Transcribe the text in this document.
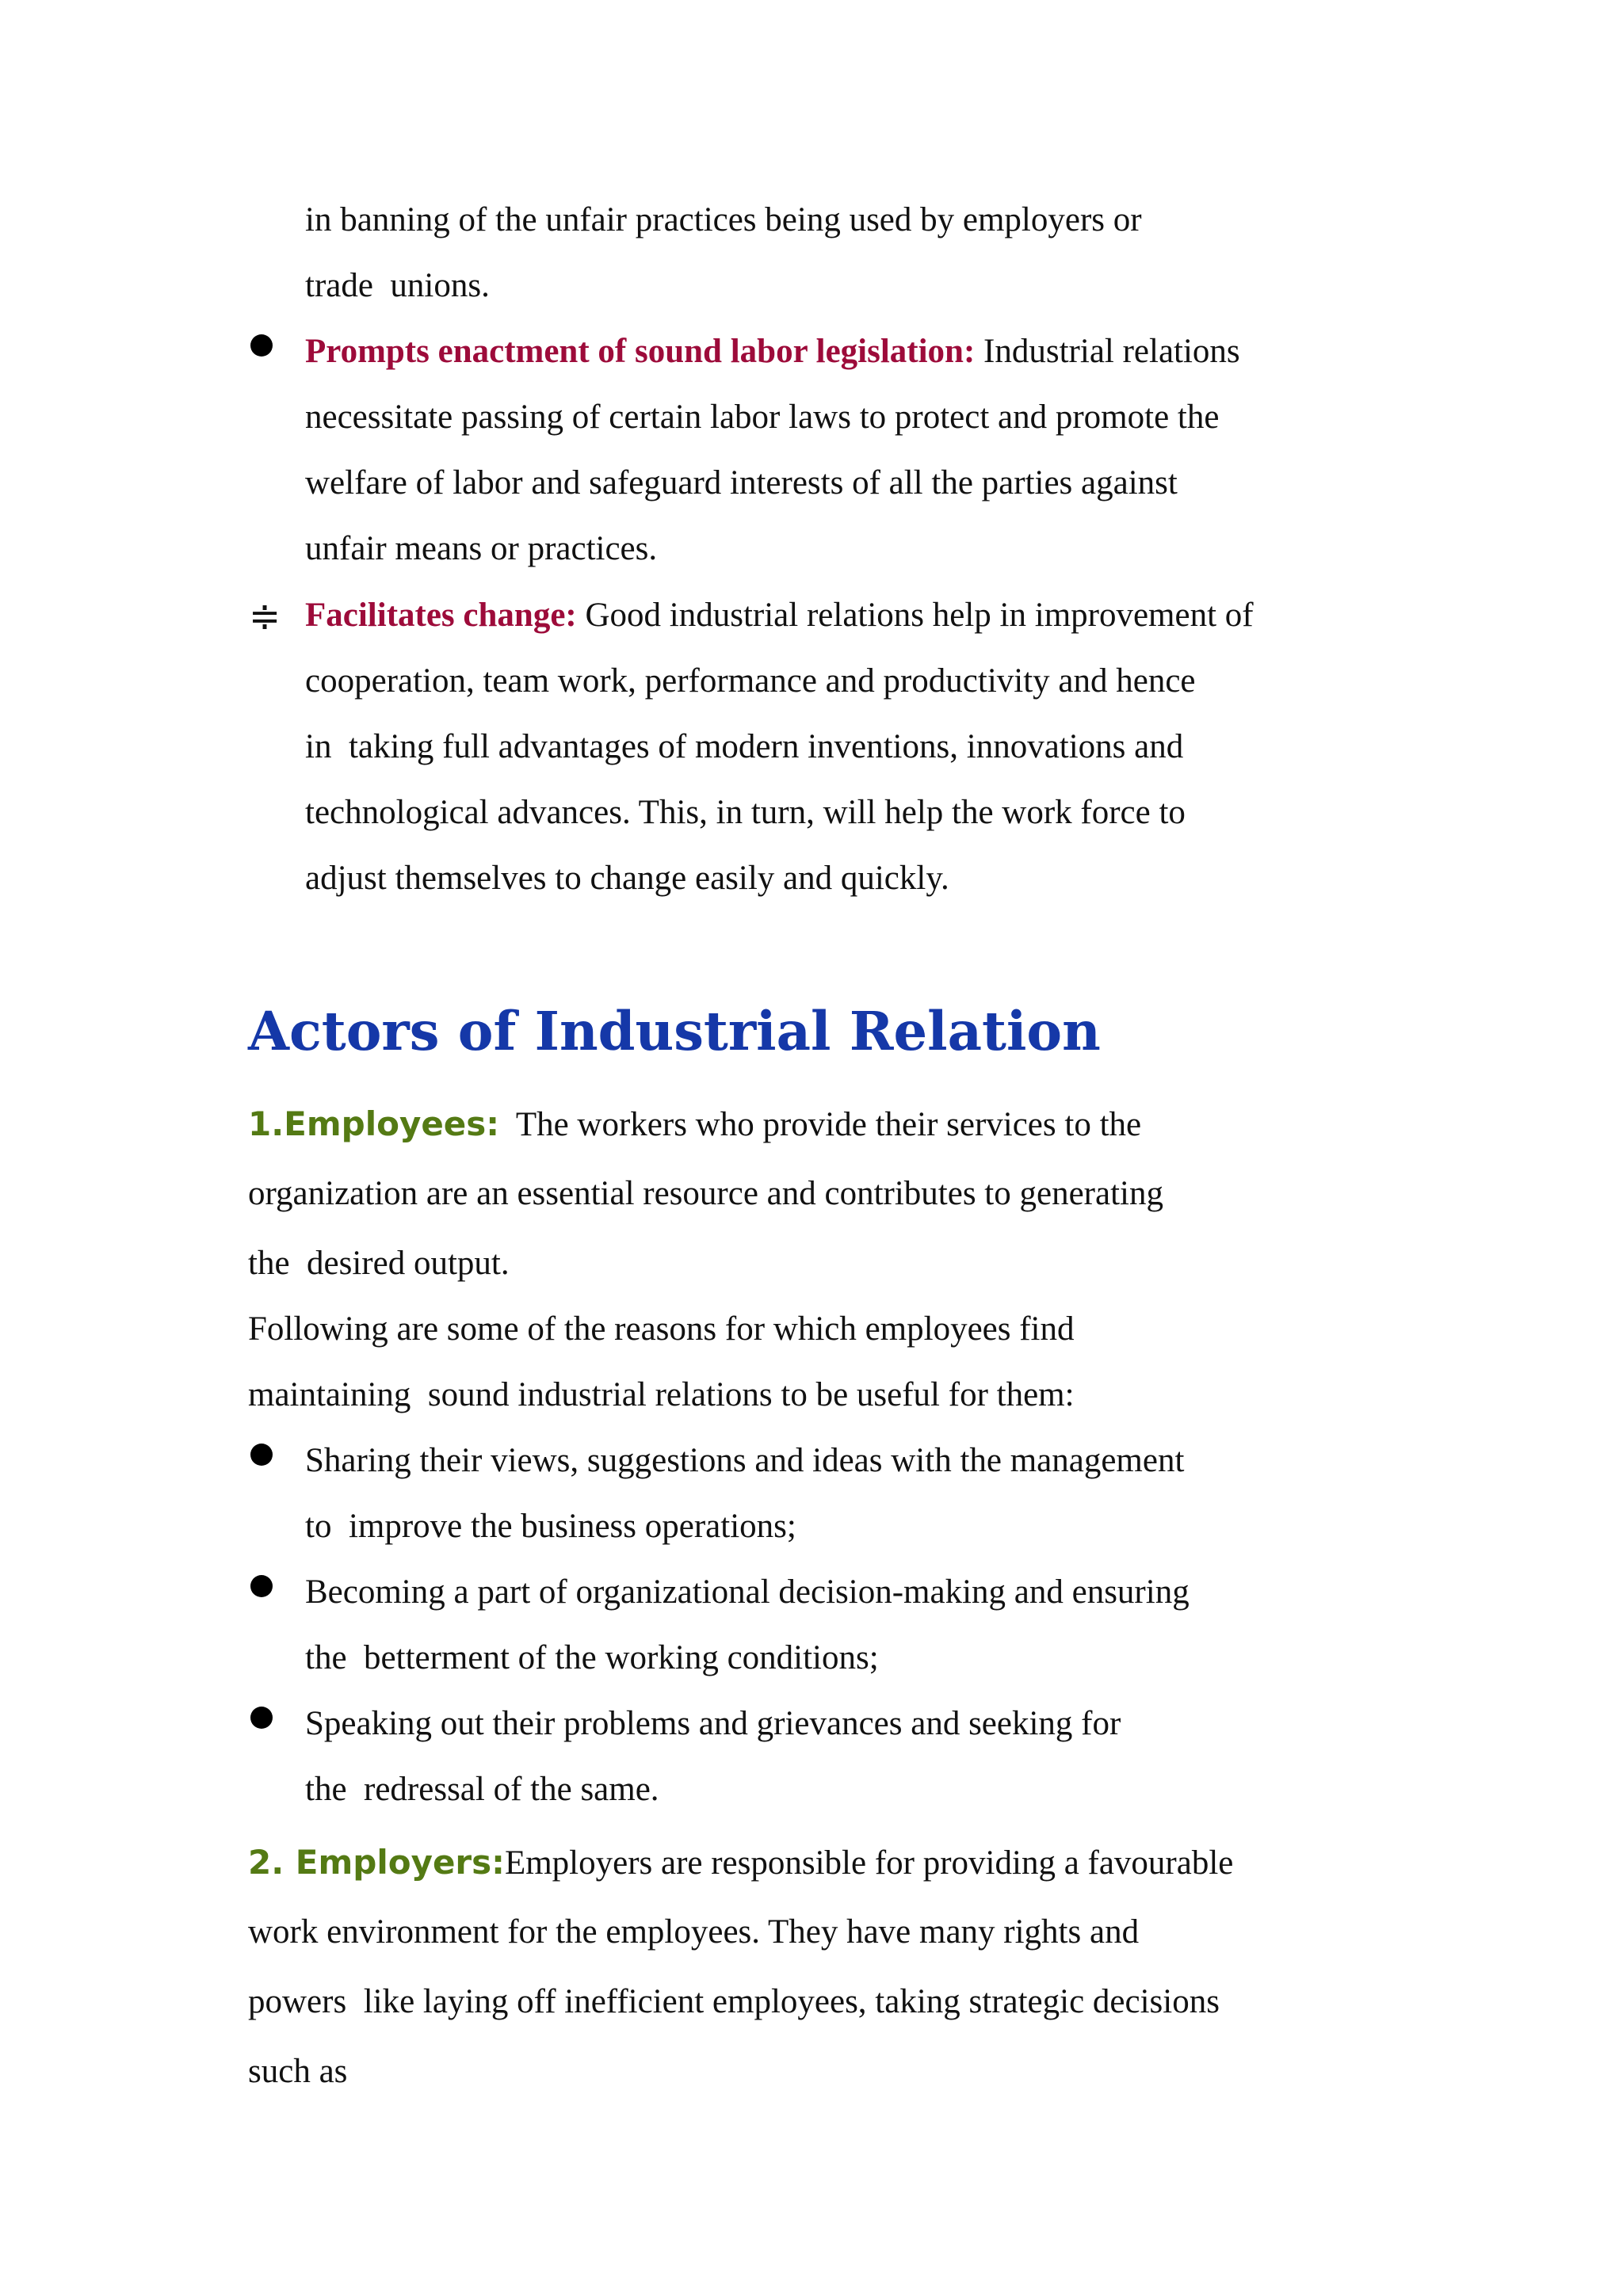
in banning of the unfair practices being used by employers or
trade  unions.
Prompts enactment of sound labor legislation: Industrial relations
necessitate passing of certain labor laws to protect and promote the
welfare of labor and safeguard interests of all the parties against
unfair means or practices.
≑ Facilitates change: Good industrial relations help in improvement of
cooperation, team work, performance and productivity and hence
in  taking full advantages of modern inventions, innovations and
technological advances. This, in turn, will help the work force to
adjust themselves to change easily and quickly.
Actors of Industrial Relation
1.Employees:  The workers who provide their services to the
organization are an essential resource and contributes to generating
the  desired output.
Following are some of the reasons for which employees find
maintaining  sound industrial relations to be useful for them:
Sharing their views, suggestions and ideas with the management
to  improve the business operations;
Becoming a part of organizational decision-making and ensuring
the  betterment of the working conditions;
Speaking out their problems and grievances and seeking for
the  redressal of the same.
2. Employers:Employers are responsible for providing a favourable
work environment for the employees. They have many rights and
powers  like laying off inefficient employees, taking strategic decisions
such as
